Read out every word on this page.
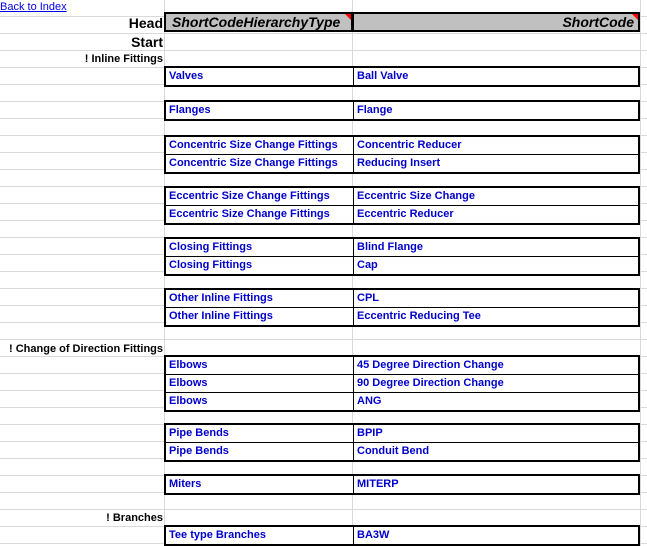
Back to Index
Head
Start
ShortCodeHierarchyType	ShortCode
! Inline Fittings
! Change of Direction Fittings
! Branches
Valves	Ball Valve
Flanges	Flange
Concentric Size Change Fittings	Concentric Reducer
Concentric Size Change Fittings	Reducing Insert
Eccentric Size Change Fittings	Eccentric Size Change
Eccentric Size Change Fittings	Eccentric Reducer
Closing Fittings	Blind Flange
Closing Fittings	Cap
Other Inline Fittings	CPL
Other Inline Fittings	Eccentric Reducing Tee
Elbows	45 Degree Direction Change
Elbows	90 Degree Direction Change
Elbows	ANG
Pipe Bends	BPIP
Pipe Bends	Conduit Bend
Miters	MITERP
Tee type Branches	BA3W
